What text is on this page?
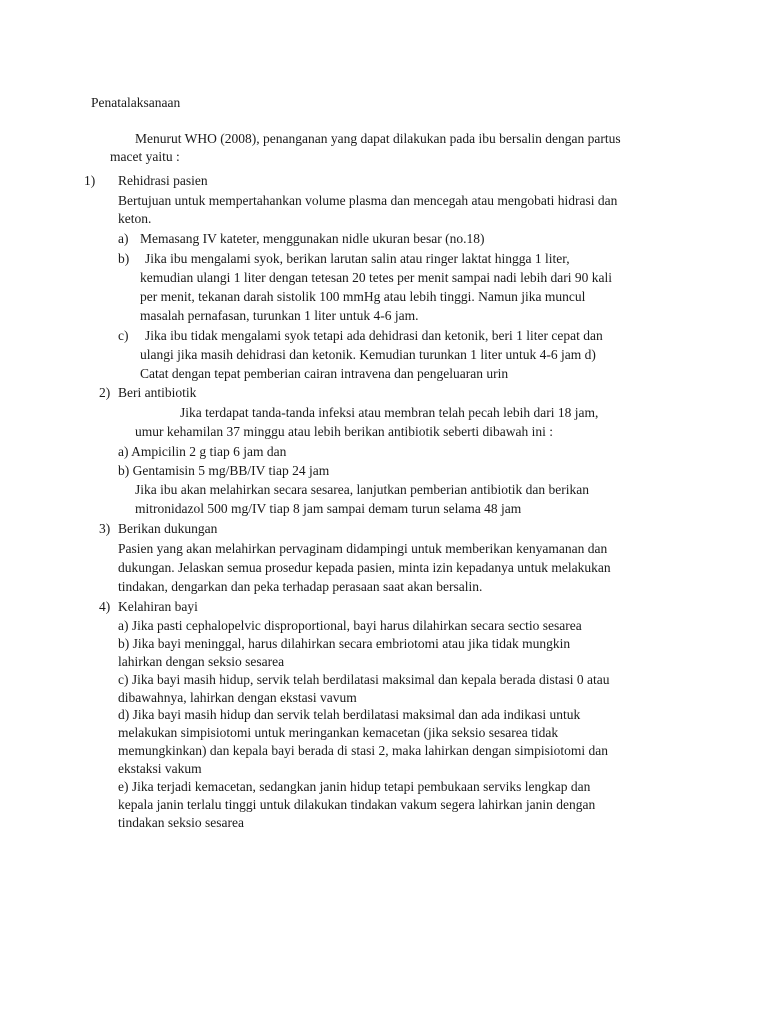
Penatalaksanaan
Menurut WHO (2008), penanganan yang dapat dilakukan pada ibu bersalin dengan partus
macet yaitu :
1) Rehidrasi pasien
Bertujuan untuk mempertahankan volume plasma dan mencegah atau mengobati hidrasi dan
keton.
a) Memasang IV kateter, menggunakan nidle ukuran besar (no.18)
b) Jika ibu mengalami syok, berikan larutan salin atau ringer laktat hingga 1 liter,
kemudian ulangi 1 liter dengan tetesan 20 tetes per menit sampai nadi lebih dari 90 kali
per menit, tekanan darah sistolik 100 mmHg atau lebih tinggi. Namun jika muncul
masalah pernafasan, turunkan 1 liter untuk 4-6 jam.
c) Jika ibu tidak mengalami syok tetapi ada dehidrasi dan ketonik, beri 1 liter cepat dan
ulangi jika masih dehidrasi dan ketonik. Kemudian turunkan 1 liter untuk 4-6 jam d)
Catat dengan tepat pemberian cairan intravena dan pengeluaran urin
2) Beri antibiotik
Jika terdapat tanda-tanda infeksi atau membran telah pecah lebih dari 18 jam,
umur kehamilan 37 minggu atau lebih berikan antibiotik seberti dibawah ini :
a) Ampicilin 2 g tiap 6 jam dan
b) Gentamisin 5 mg/BB/IV tiap 24 jam
Jika ibu akan melahirkan secara sesarea, lanjutkan pemberian antibiotik dan berikan
mitronidazol 500 mg/IV tiap 8 jam sampai demam turun selama 48 jam
3) Berikan dukungan
Pasien yang akan melahirkan pervaginam didampingi untuk memberikan kenyamanan dan
dukungan. Jelaskan semua prosedur kepada pasien, minta izin kepadanya untuk melakukan
tindakan, dengarkan dan peka terhadap perasaan saat akan bersalin.
4) Kelahiran bayi
a) Jika pasti cephalopelvic disproportional, bayi harus dilahirkan secara sectio sesarea
b) Jika bayi meninggal, harus dilahirkan secara embriotomi atau jika tidak mungkin
lahirkan dengan seksio sesarea
c) Jika bayi masih hidup, servik telah berdilatasi maksimal dan kepala berada distasi 0 atau
dibawahnya, lahirkan dengan ekstasi vavum
d) Jika bayi masih hidup dan servik telah berdilatasi maksimal dan ada indikasi untuk
melakukan simpisiotomi untuk meringankan kemacetan (jika seksio sesarea tidak
memungkinkan) dan kepala bayi berada di stasi 2, maka lahirkan dengan simpisiotomi dan
ekstaksi vakum
e) Jika terjadi kemacetan, sedangkan janin hidup tetapi pembukaan serviks lengkap dan
kepala janin terlalu tinggi untuk dilakukan tindakan vakum segera lahirkan janin dengan
tindakan seksio sesarea
